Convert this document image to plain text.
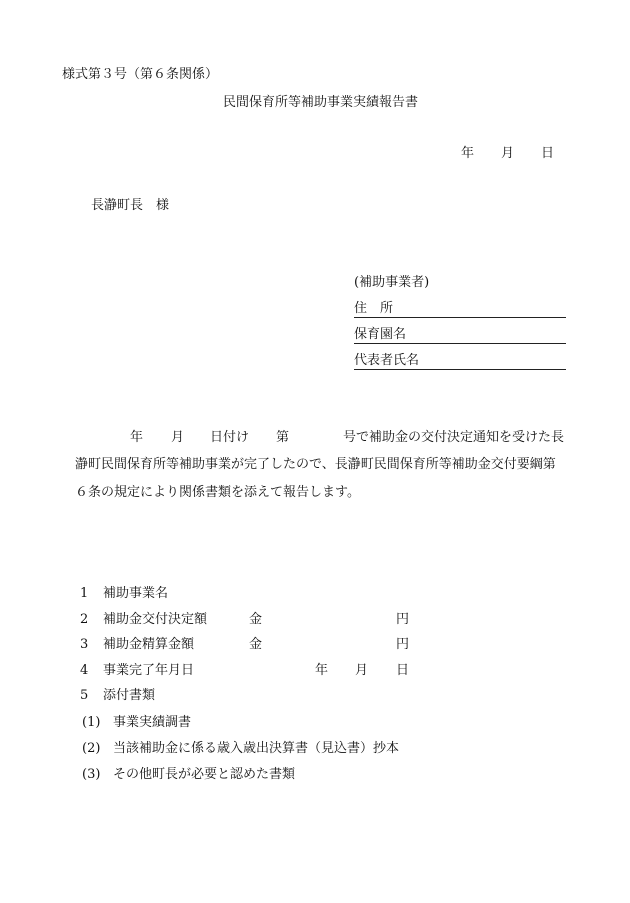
様式第３号（第６条関係）
民間保育所等補助事業実績報告書
年 月 日
長瀞町長 様
(補助事業者)
住　所
保育園名
代表者氏名
年 月 日付け 第	号で補助金の交付決定通知を受けた長
瀞町民間保育所等補助事業が完了したので、長瀞町民間保育所等補助金交付要綱第
６条の規定により関係書類を添えて報告します。
1 補助事業名
2 補助金交付決定額	金	円
3 補助金精算金額	金	円
4 事業完了年月日	年 月 日
5 添付書類
(1) 事業実績調書
(2) 当該補助金に係る歳入歳出決算書（見込書）抄本
(3) その他町長が必要と認めた書類
